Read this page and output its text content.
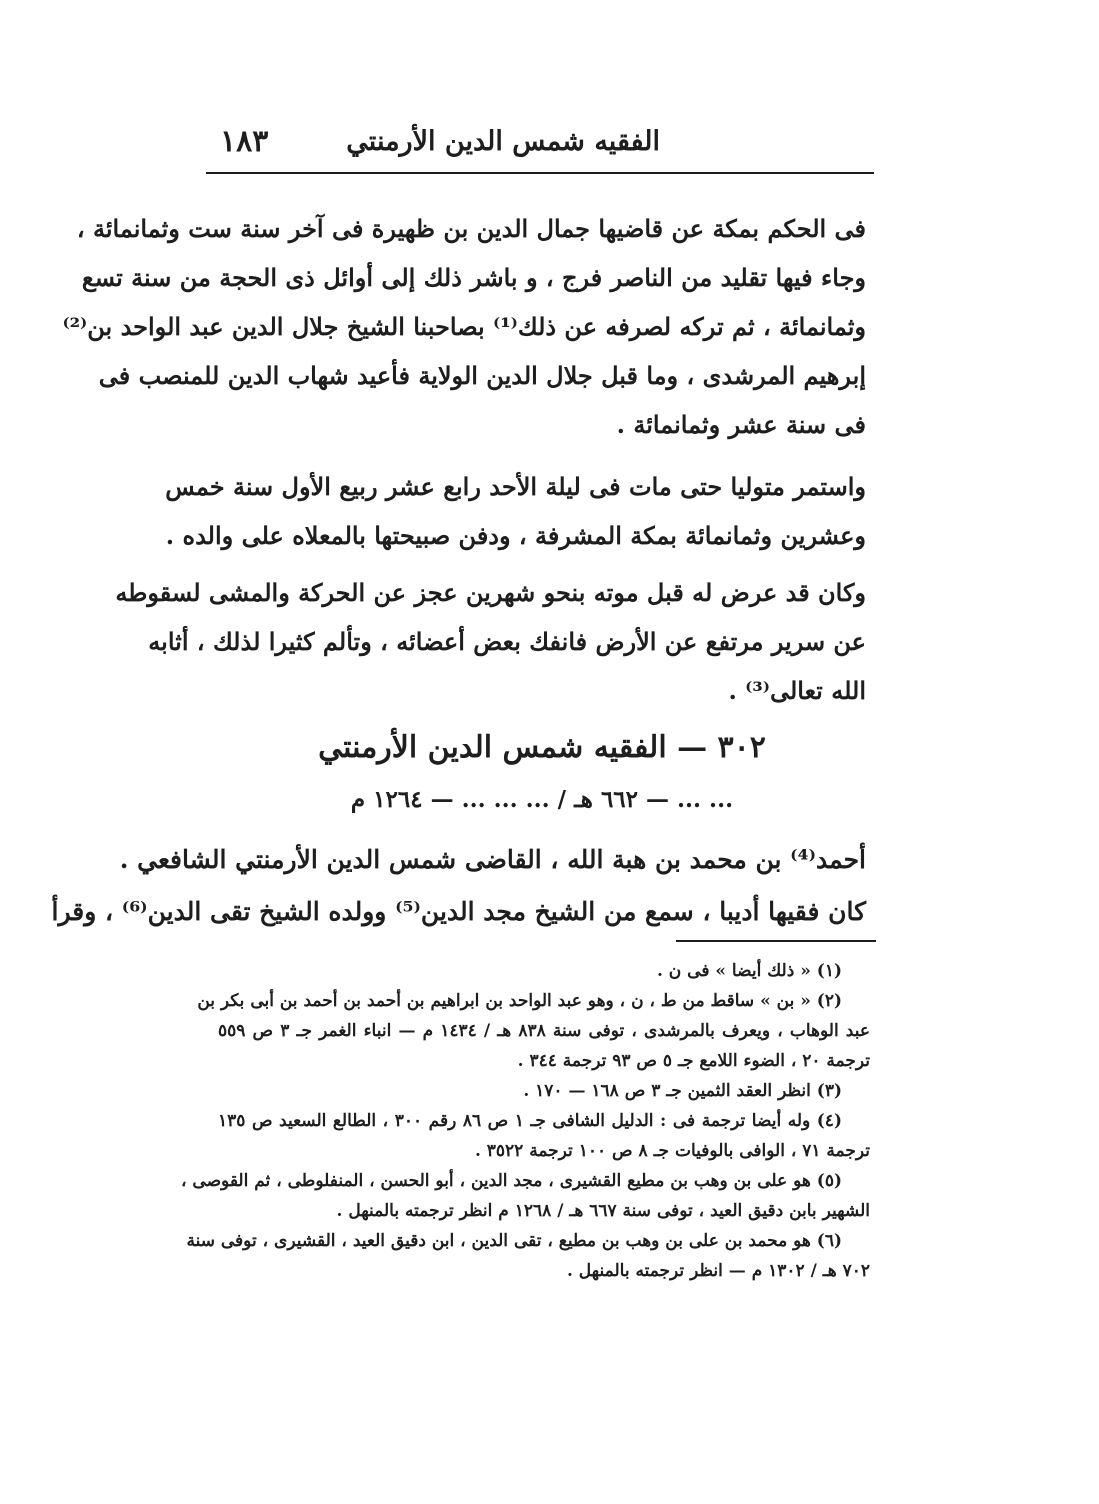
الفقيه شمس الدين الأرمنتي
١٨٣
فى الحكم بمكة عن قاضيها جمال الدين بن ظهيرة فى آخر سنة ست وثمانمائة ،
وجاء فيها تقليد من الناصر فرج ، و باشر ذلك إلى أوائل ذى الحجة من سنة تسع
وثمانمائة ، ثم تركه لصرفه عن ذلك⁽¹⁾ بصاحبنا الشيخ جلال الدين عبد الواحد بن⁽²⁾
إبرهيم المرشدى ، وما قبل جلال الدين الولاية فأعيد شهاب الدين للمنصب فى
فى سنة عشر وثمانمائة .
واستمر متوليا حتى مات فى ليلة الأحد رابع عشر ربيع الأول سنة خمس
وعشرين وثمانمائة بمكة المشرفة ، ودفن صبيحتها بالمعلاه على والده .
وكان قد عرض له قبل موته بنحو شهرين عجز عن الحركة والمشى لسقوطه
عن سرير مرتفع عن الأرض فانفك بعض أعضائه ، وتألم كثيرا لذلك ، أثابه
الله تعالى⁽³⁾ .
٣٠٢ — الفقيه شمس الدين الأرمنتي
... ... — ٦٦٢ هـ / ... ... ... — ١٢٦٤ م
أحمد⁽⁴⁾ بن محمد بن هبة الله ، القاضى شمس الدين الأرمنتي الشافعي .
كان فقيها أديبا ، سمع من الشيخ مجد الدين⁽⁵⁾ وولده الشيخ تقى الدين⁽⁶⁾ ، وقرأ
(١) « ذلك أيضا » فى ن .
(٢) « بن » ساقط من ط ، ن ، وهو عبد الواحد بن ابراهيم بن أحمد بن أحمد بن أبى بكر بن
عبد الوهاب ، ويعرف بالمرشدى ، توفى سنة ٨٣٨ هـ / ١٤٣٤ م — انباء الغمر جـ ٣ ص ٥٥٩
ترجمة ٢٠ ، الضوء اللامع جـ ٥ ص ٩٣ ترجمة ٣٤٤ .
(٣) انظر العقد الثمين جـ ٣ ص ١٦٨ — ١٧٠ .
(٤) وله أيضا ترجمة فى : الدليل الشافى جـ ١ ص ٨٦ رقم ٣٠٠ ، الطالع السعيد ص ١٣٥
ترجمة ٧١ ، الوافى بالوفيات جـ ٨ ص ١٠٠ ترجمة ٣٥٢٢ .
(٥) هو على بن وهب بن مطيع القشيرى ، مجد الدين ، أبو الحسن ، المنفلوطى ، ثم القوصى ،
الشهير بابن دقيق العيد ، توفى سنة ٦٦٧ هـ / ١٢٦٨ م انظر ترجمته بالمنهل .
(٦) هو محمد بن على بن وهب بن مطيع ، تقى الدين ، ابن دقيق العيد ، القشيرى ، توفى سنة
٧٠٢ هـ / ١٣٠٢ م — انظر ترجمته بالمنهل .
